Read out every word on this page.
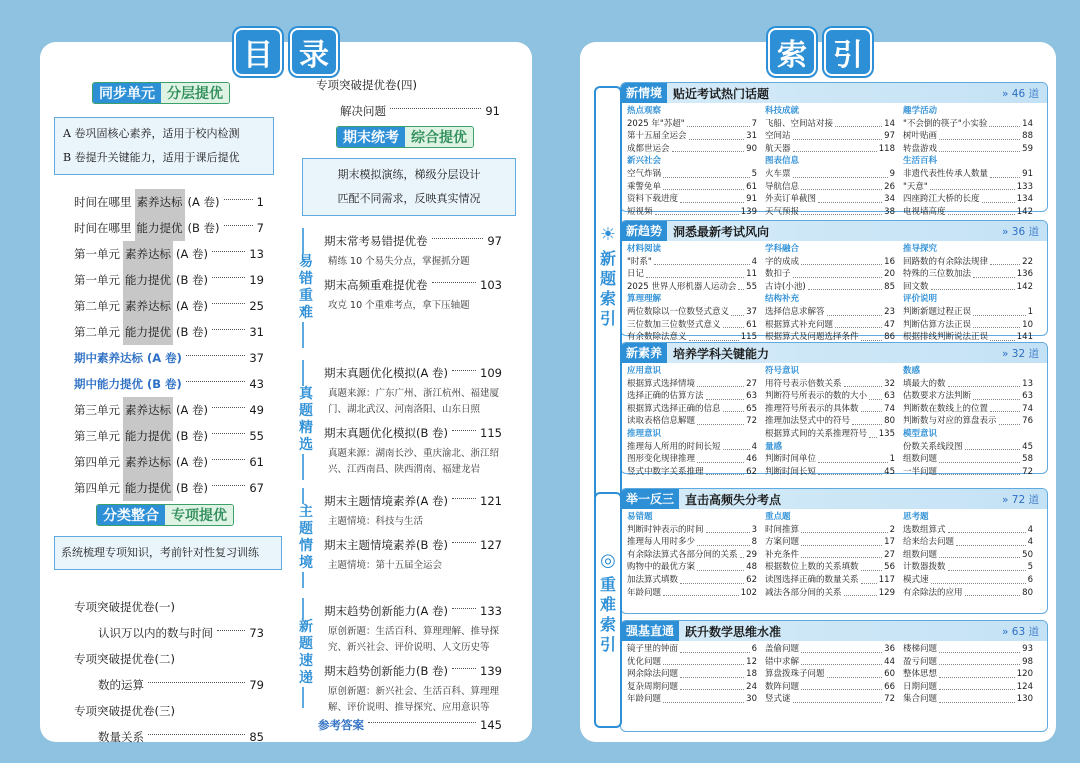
目 录
同步单元 分层提优
A 卷巩固核心素养，适用于校内检测
B 卷提升关键能力，适用于课后提优
时间在哪里 素养达标 (A 卷)	1
时间在哪里 能力提优 (B 卷)	7
第一单元 素养达标 (A 卷)	13
第一单元 能力提优 (B 卷)	19
第二单元 素养达标 (A 卷)	25
第二单元 能力提优 (B 卷)	31
期中素养达标 (A 卷)	37
期中能力提优 (B 卷)	43
第三单元 素养达标 (A 卷)	49
第三单元 能力提优 (B 卷)	55
第四单元 素养达标 (A 卷)	61
第四单元 能力提优 (B 卷)	67
分类整合 专项提优
系统梳理专项知识，考前针对性复习训练
专项突破提优卷(一)
认识万以内的数与时间	73
专项突破提优卷(二)
数的运算	79
专项突破提优卷(三)
数量关系	85
专项突破提优卷(四)
解决问题	91
期末统考 综合提优
期末模拟演练，梯级分层设计
匹配不同需求，反映真实情况
易错重难
期末常考易错提优卷	97
精练 10 个易失分点，掌握抓分题
期末高频重难提优卷	103
攻克 10 个重难考点，拿下压轴题
真题精选
期末真题优化模拟(A 卷)	109
真题来源：广东广州、浙江杭州、福建厦门、湖北武汉、河南洛阳、山东日照
期末真题优化模拟(B 卷)	115
真题来源：湖南长沙、重庆渝北、浙江绍兴、江西南昌、陕西渭南、福建龙岩
主题情境
期末主题情境素养(A 卷)	121
主题情境：科技与生活
期末主题情境素养(B 卷)	127
主题情境：第十五届全运会
新题速递
期末趋势创新能力(A 卷)	133
原创新题：生活百科、算理理解、推导探究、新兴社会、评价说明、人文历史等
期末趋势创新能力(B 卷)	139
原创新题：新兴社会、生活百科、算理理解、评价说明、推导探究、应用意识等
参考答案	145
索 引
新情境 贴近考试热门话题	» 46 道
热点观察
2025 年"苏超"	7
第十五届全运会	31
成都世运会	90
新兴社会
空气炸锅	5
乘警免单	61
资料下载进度	91
短视频	139
科技成就
飞船、空间站对接	14
空间站	97
航天器	118
图表信息
火车票	9
导航信息	26
外卖订单截图	34
天气预报	38
趣学活动
"不会倒的筷子"小实验	14
树叶贴画	88
转盘游戏	59
生活百科
非遗代表性传承人数量	91
"天意"	133
四座跨江大桥的长度	134
电视墙高度	142
新趋势 洞悉最新考试风向	» 36 道
材料阅读
"时系"	4
日记	11
2025 世界人形机器人运动会 55
算理理解
两位数除以一位数竖式意义 37
三位数加三位数竖式意义	61
有余数除法意义	115
学科融合
字的成成	16
数扣子	20
古诗(小池)	85
结构补充
选择信息求解答	23
根据算式补充问题	47
根据算式及问题选择条件	86
推导探究
回路数的有余除法规律	22
特殊的三位数加法	136
回文数	142
评价说明
判断新题过程正误	1
判断估算方法正误	10
根据排线判断说法正误	141
新素养 培养学科关键能力	» 32 道
应用意识
根据算式选择情境	27
选择正确的估算方法	63
根据算式选择正确的信息	65
读取表格信息解题	72
推理意识
推理每人所用的时间长短	4
图形变化规律推理	46
竖式中数字关系推理	62
符号意识
用符号表示倍数关系	32
判断符号所表示的数的大小 63
推理符号所表示的具体数	74
推理加法竖式中的符号	80
根据算式间的关系推理符号 135
量感
判断时间单位	1
判断时间长短	45
数感
填最大的数	13
估数要求方法判断	63
判断数在数线上的位置	74
判断数与对应的算盘表示	76
模型意识
份数关系线段图	45
组数问题	58
一半问题	72
举一反三 直击高频失分考点	» 72 道
易错题
判断时钟表示的时间	3
推理每人用时多少	8
有余除法算式各部分间的关系 29
购物中的最优方案	48
加法算式填数	62
年龄问题	102
重点题
时间推算	2
方案问题	17
补充条件	27
根据数位上数的关系填数	56
读图选择正确的数量关系 117
减法各部分间的关系	129
思考题
选数组算式	4
给来给去问题	4
组数问题	50
计数器拨数	5
模式速	6
有余除法的应用	80
强基直通 跃升数学思维水准	» 63 道
镜子里的钟面	6
优化问题	12
网余除法问题	18
复杂周期问题	24
年龄问题	30
盖偷问题	36
错中求解	44
算盘拨珠子问题	60
数阵问题	66
竖式谜	72
楼梯问题	93
盈亏问题	98
整体思想	120
日期问题	124
集合问题	130
☀
新题索引
◎
重难索引
